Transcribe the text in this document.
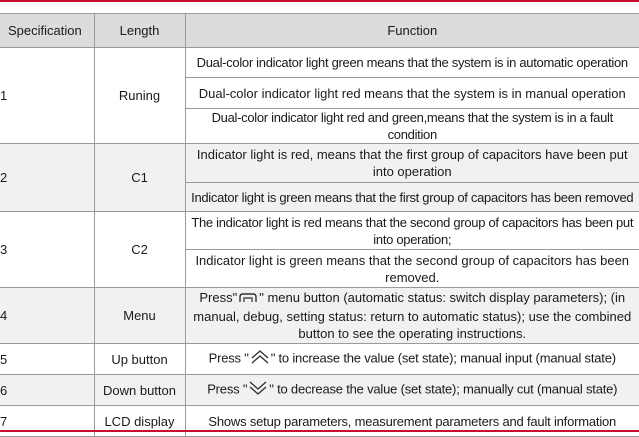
Specification	Length	Function
1	Runing	Dual-color indicator light green means that the system is in automatic operation
		Dual-color indicator light red means that the system is in manual operation
		Dual-color indicator light red and green,means that the system is in a fault condition
2	C1	Indicator light is red, means that the first group of capacitors have been put into operation
		Indicator light is green means that the first group of capacitors has been removed
3	C2	The indicator light is red means that the second group of capacitors has been put into operation;
		Indicator light is green means that the second group of capacitors has been removed.
4	Menu	Press" " menu button (automatic status: switch display parameters); (in manual, debug, setting status: return to automatic status); use the combined button to see the operating instructions.
5	Up button	Press " " to increase the value (set state); manual input (manual state)
6	Down button	Press " " to decrease the value (set state); manually cut (manual state)
7	LCD display	Shows setup parameters, measurement parameters and fault information
